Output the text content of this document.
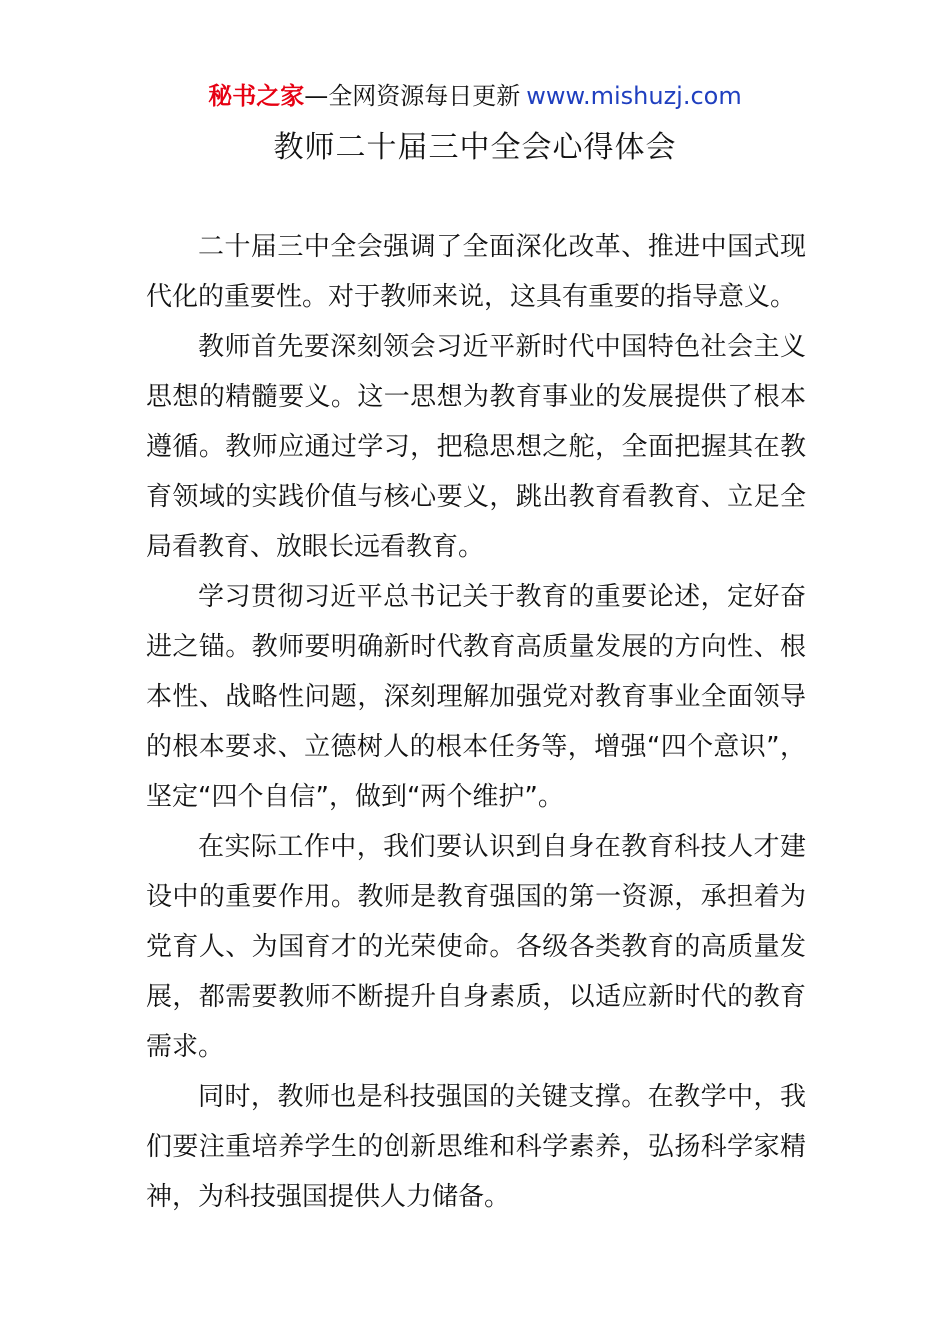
秘书之家—全网资源每日更新 www.mishuzj.com
教师二十届三中全会心得体会

二十届三中全会强调了全面深化改革、推进中国式现代化的重要性。对于教师来说，这具有重要的指导意义。

教师首先要深刻领会习近平新时代中国特色社会主义思想的精髓要义。这一思想为教育事业的发展提供了根本遵循。教师应通过学习，把稳思想之舵，全面把握其在教育领域的实践价值与核心要义，跳出教育看教育、立足全局看教育、放眼长远看教育。

学习贯彻习近平总书记关于教育的重要论述，定好奋进之锚。教师要明确新时代教育高质量发展的方向性、根本性、战略性问题，深刻理解加强党对教育事业全面领导的根本要求、立德树人的根本任务等，增强“四个意识”，坚定“四个自信”，做到“两个维护”。

在实际工作中，我们要认识到自身在教育科技人才建设中的重要作用。教师是教育强国的第一资源，承担着为党育人、为国育才的光荣使命。各级各类教育的高质量发展，都需要教师不断提升自身素质，以适应新时代的教育需求。

同时，教师也是科技强国的关键支撑。在教学中，我们要注重培养学生的创新思维和科学素养，弘扬科学家精神，为科技强国提供人力储备。
